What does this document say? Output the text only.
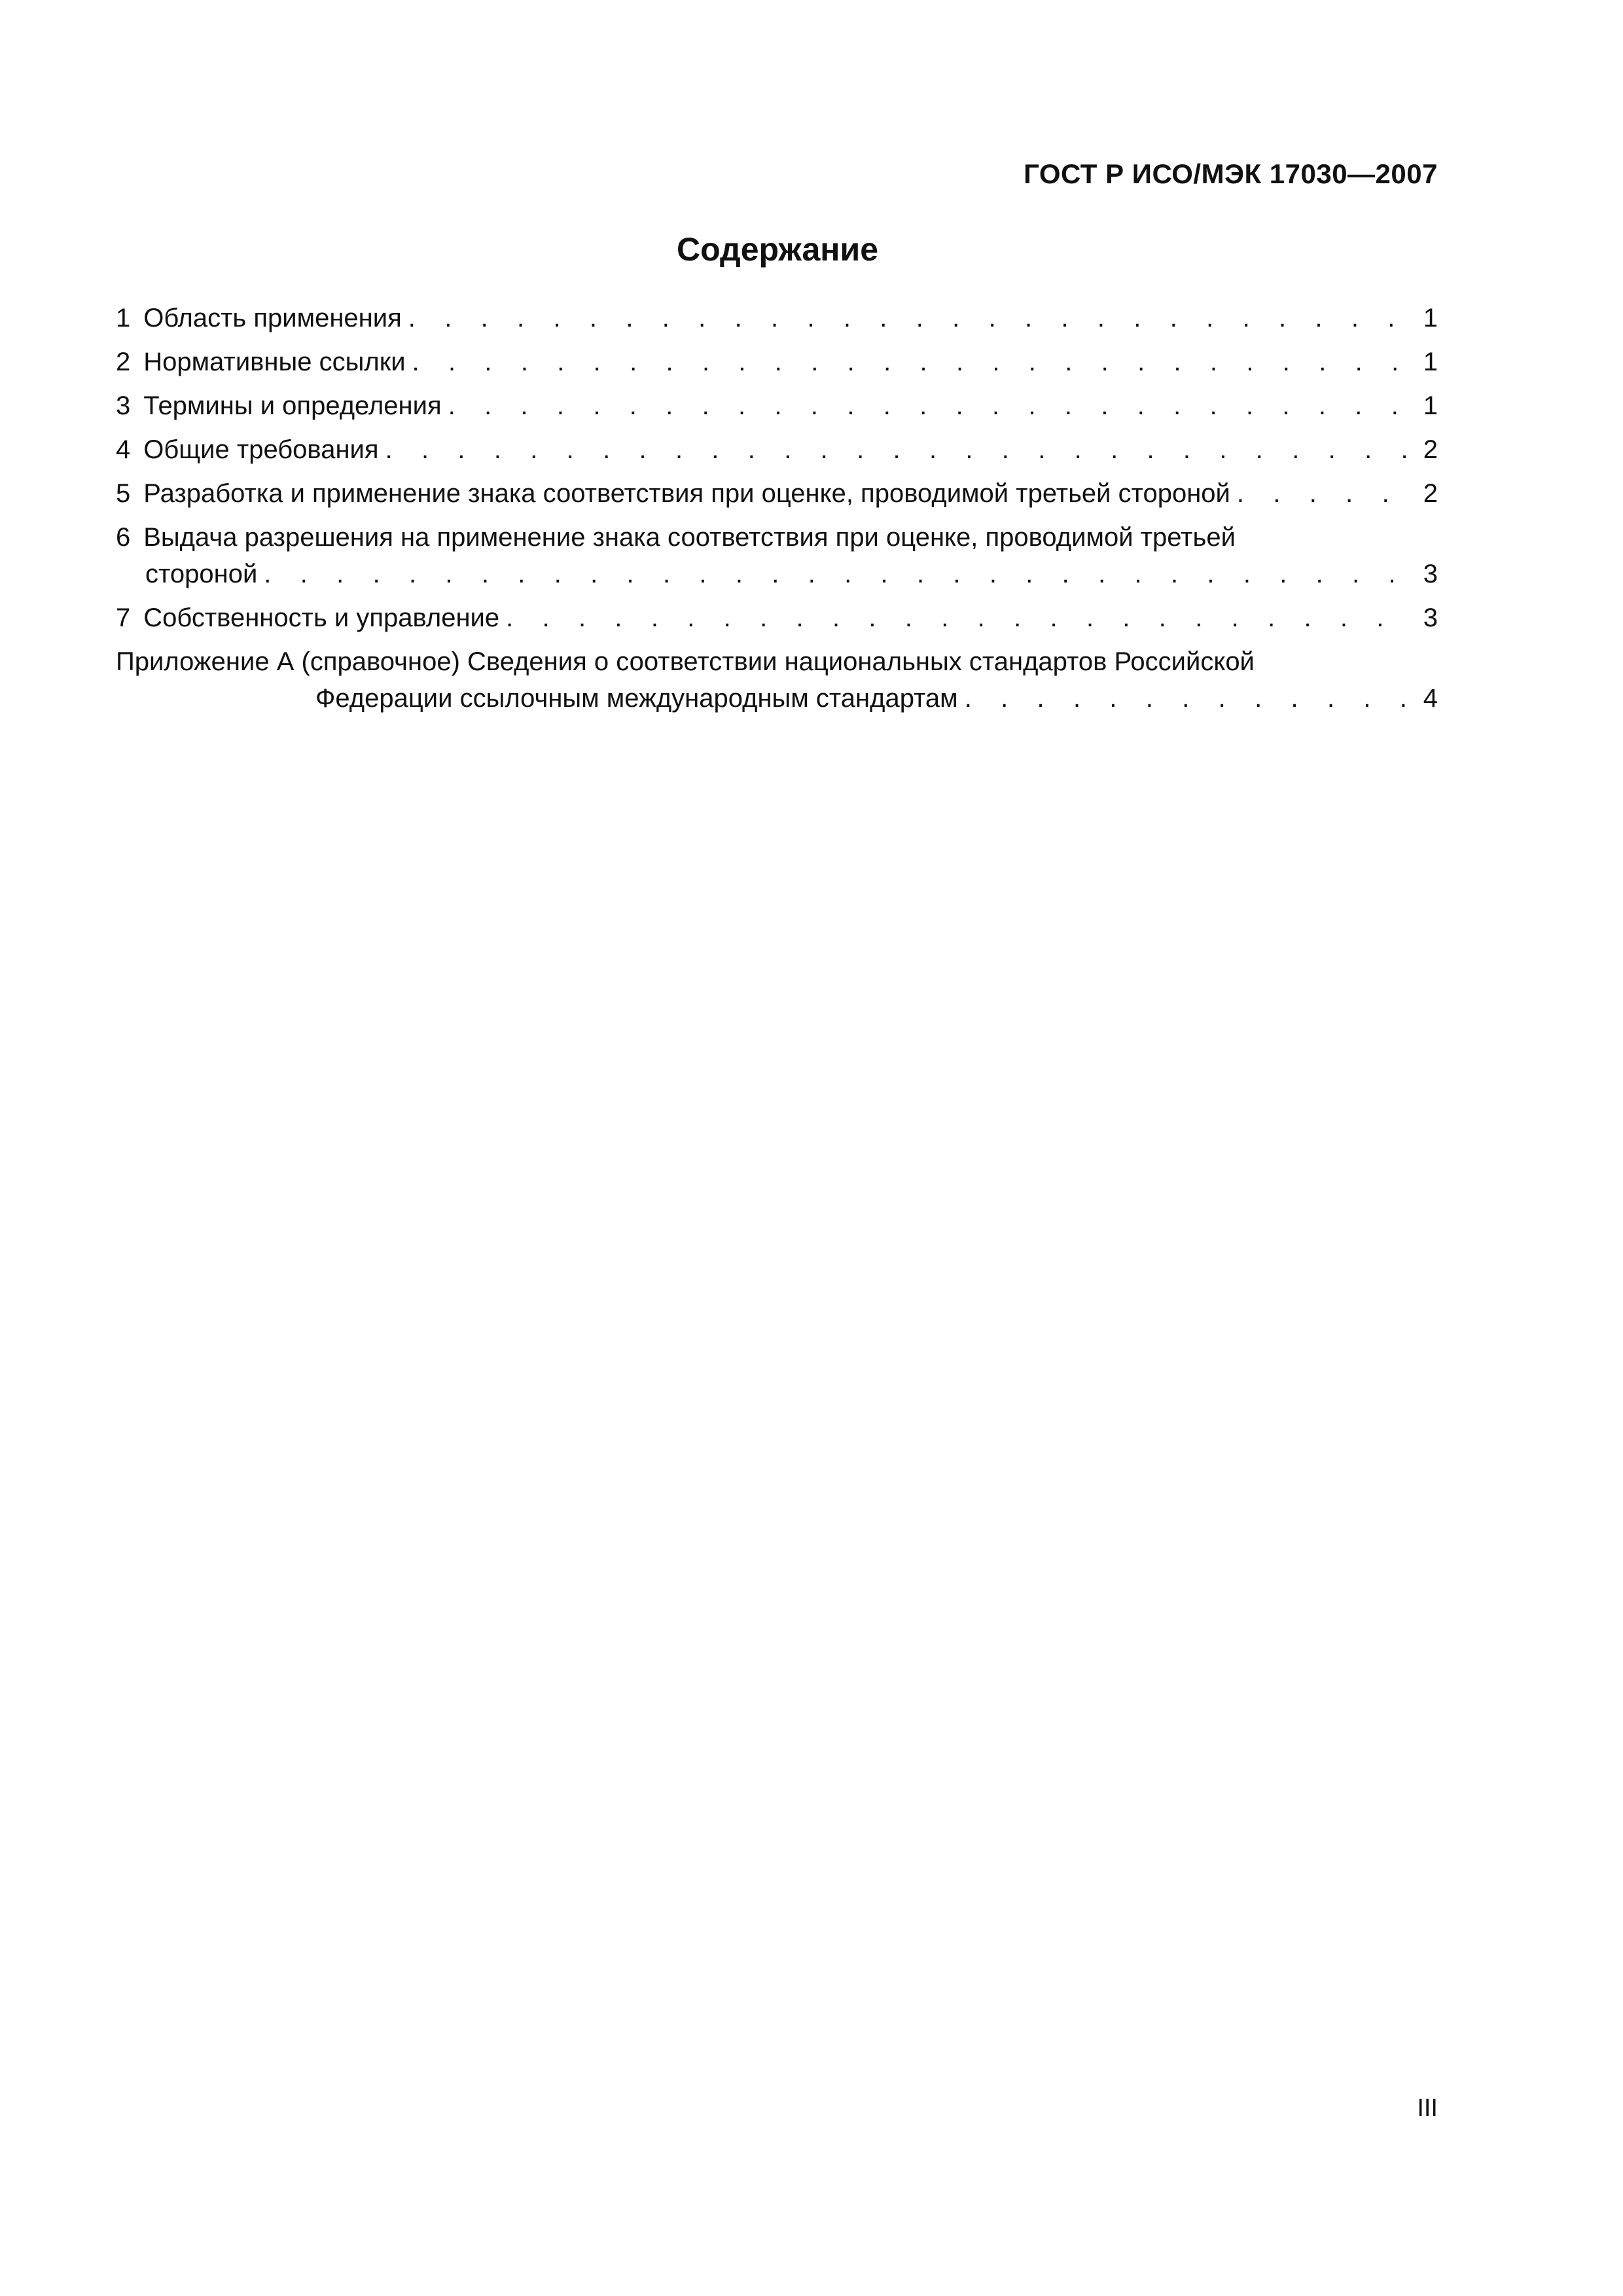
ГОСТ Р ИСО/МЭК 17030—2007

Содержание
1 Область применения . . .	1
2 Нормативные ссылки . . .	1
3 Термины и определения . . .	1
4 Общие требования . . .	2
5 Разработка и применение знака соответствия при оценке, проводимой третьей стороной . . .	2
6 Выдача разрешения на применение знака соответствия при оценке, проводимой третьей
стороной . . .	3
7 Собственность и управление . . .	3
Приложение А (справочное) Сведения о соответствии национальных стандартов Российской
Федерации ссылочным международным стандартам . . .	4

III
